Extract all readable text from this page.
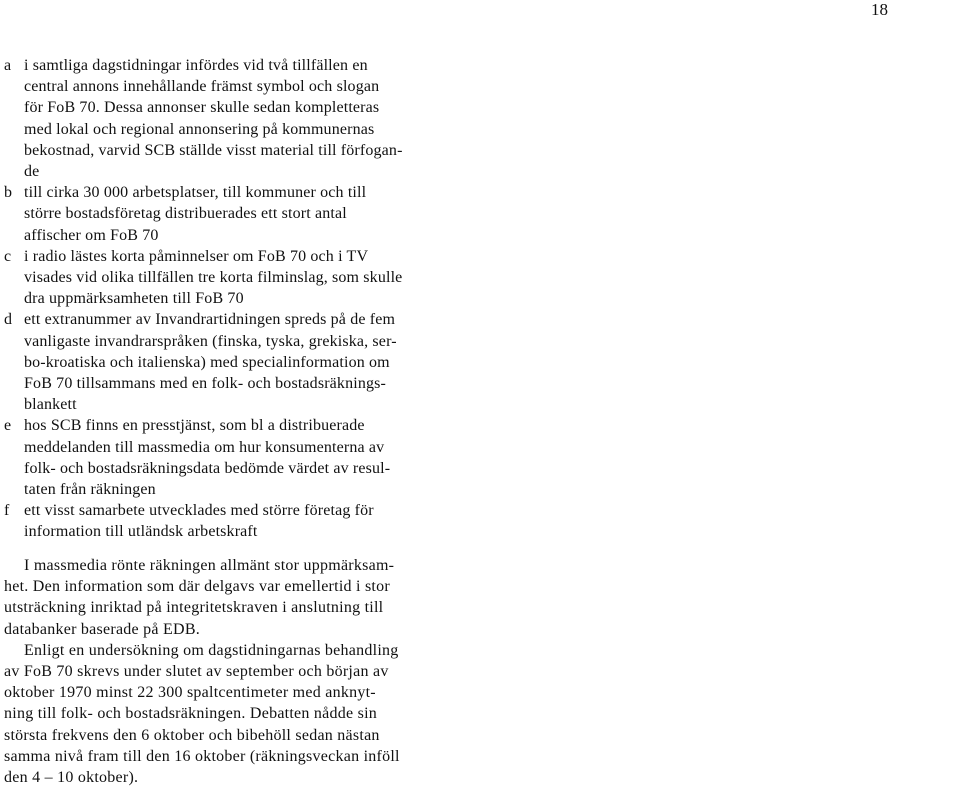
18
a i samtliga dagstidningar infördes vid två tillfällen en
central annons innehållande främst symbol och slogan
för FoB 70. Dessa annonser skulle sedan kompletteras
med lokal och regional annonsering på kommunernas
bekostnad, varvid SCB ställde visst material till förfogan-
de
b till cirka 30 000 arbetsplatser, till kommuner och till
större bostadsföretag distribuerades ett stort antal
affischer om FoB 70
c i radio lästes korta påminnelser om FoB 70 och i TV
visades vid olika tillfällen tre korta filminslag, som skulle
dra uppmärksamheten till FoB 70
d ett extranummer av Invandrartidningen spreds på de fem
vanligaste invandrarspråken (finska, tyska, grekiska, ser-
bo-kroatiska och italienska) med specialinformation om
FoB 70 tillsammans med en folk- och bostadsräknings-
blankett
e hos SCB finns en presstjänst, som bl a distribuerade
meddelanden till massmedia om hur konsumenterna av
folk- och bostadsräkningsdata bedömde värdet av resul-
taten från räkningen
f ett visst samarbete utvecklades med större företag för
information till utländsk arbetskraft
I massmedia rönte räkningen allmänt stor uppmärksam-
het. Den information som där delgavs var emellertid i stor
utsträckning inriktad på integritetskraven i anslutning till
databanker baserade på EDB.
Enligt en undersökning om dagstidningarnas behandling
av FoB 70 skrevs under slutet av september och början av
oktober 1970 minst 22 300 spaltcentimeter med anknyt-
ning till folk- och bostadsräkningen. Debatten nådde sin
största frekvens den 6 oktober och bibehöll sedan nästan
samma nivå fram till den 16 oktober (räkningsveckan inföll
den 4 – 10 oktober).
